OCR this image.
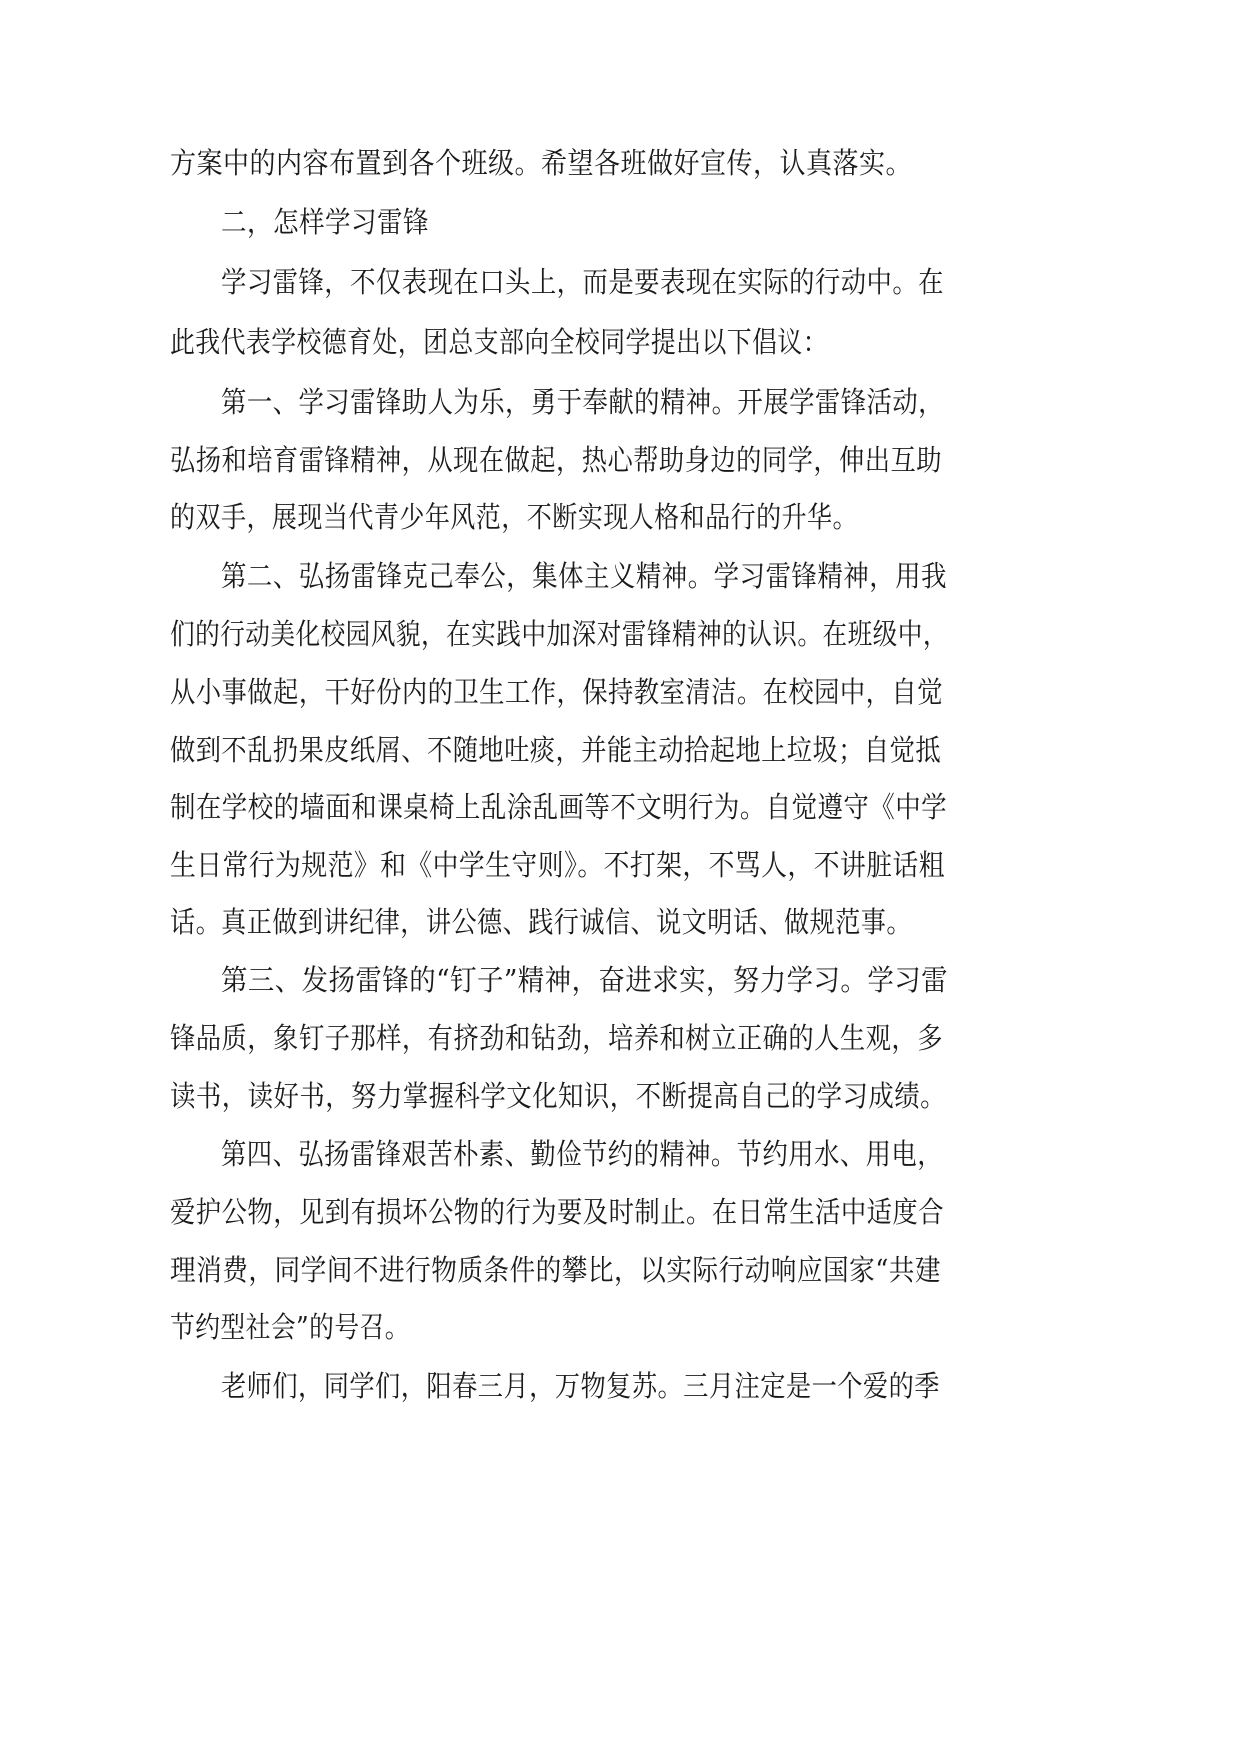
方案中的内容布置到各个班级。希望各班做好宣传，认真落实。
二，怎样学习雷锋
学习雷锋，不仅表现在口头上，而是要表现在实际的行动中。在
此我代表学校德育处，团总支部向全校同学提出以下倡议：
第一、学习雷锋助人为乐，勇于奉献的精神。开展学雷锋活动，
弘扬和培育雷锋精神，从现在做起，热心帮助身边的同学，伸出互助
的双手，展现当代青少年风范，不断实现人格和品行的升华。
第二、弘扬雷锋克己奉公，集体主义精神。学习雷锋精神，用我
们的行动美化校园风貌，在实践中加深对雷锋精神的认识。在班级中，
从小事做起，干好份内的卫生工作，保持教室清洁。在校园中，自觉
做到不乱扔果皮纸屑、不随地吐痰，并能主动拾起地上垃圾；自觉抵
制在学校的墙面和课桌椅上乱涂乱画等不文明行为。自觉遵守《中学
生日常行为规范》和《中学生守则》。不打架，不骂人，不讲脏话粗
话。真正做到讲纪律，讲公德、践行诚信、说文明话、做规范事。
第三、发扬雷锋的“钉子”精神，奋进求实，努力学习。学习雷
锋品质，象钉子那样，有挤劲和钻劲，培养和树立正确的人生观，多
读书，读好书，努力掌握科学文化知识，不断提高自己的学习成绩。
第四、弘扬雷锋艰苦朴素、勤俭节约的精神。节约用水、用电，
爱护公物，见到有损坏公物的行为要及时制止。在日常生活中适度合
理消费，同学间不进行物质条件的攀比，以实际行动响应国家“共建
节约型社会”的号召。
老师们，同学们，阳春三月，万物复苏。三月注定是一个爱的季
